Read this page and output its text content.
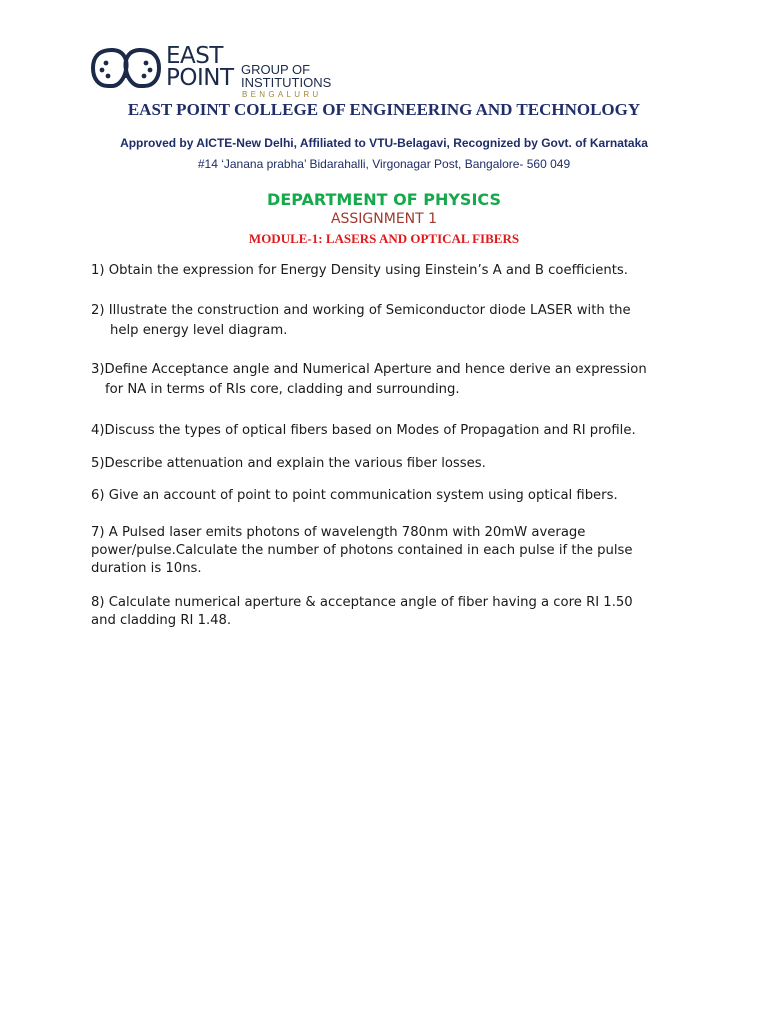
EAST
POINT GROUP OF
INSTITUTIONS
BENGALURU
EAST POINT COLLEGE OF ENGINEERING AND TECHNOLOGY
Approved by AICTE-New Delhi, Affiliated to VTU-Belagavi, Recognized by Govt. of Karnataka
#14 ‘Janana prabha’ Bidarahalli, Virgonagar Post, Bangalore- 560 049
DEPARTMENT OF PHYSICS
ASSIGNMENT 1
MODULE-1: LASERS AND OPTICAL FIBERS
1) Obtain the expression for Energy Density using Einstein’s A and B coefficients.
2) Illustrate the construction and working of Semiconductor diode LASER with the
help energy level diagram.
3)Define Acceptance angle and Numerical Aperture and hence derive an expression
for NA in terms of RIs core, cladding and surrounding.
4)Discuss the types of optical fibers based on Modes of Propagation and RI profile.
5)Describe attenuation and explain the various fiber losses.
6) Give an account of point to point communication system using optical fibers.
7) A Pulsed laser emits photons of wavelength 780nm with 20mW average
power/pulse.Calculate the number of photons contained in each pulse if the pulse
duration is 10ns.
8) Calculate numerical aperture & acceptance angle of fiber having a core RI 1.50
and cladding RI 1.48.
